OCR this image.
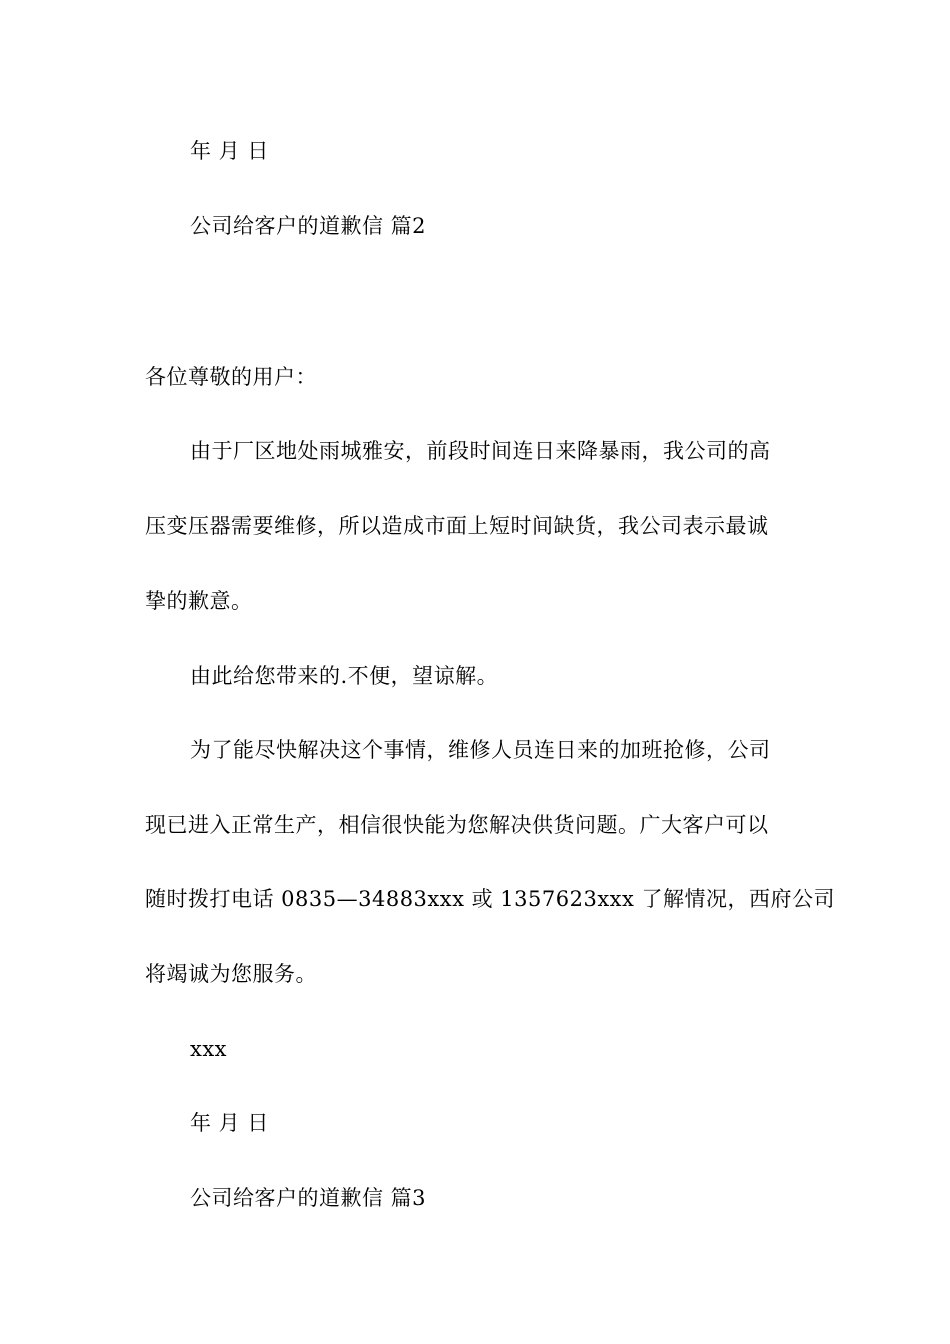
年 月 日
公司给客户的道歉信 篇2
各位尊敬的用户：
由于厂区地处雨城雅安，前段时间连日来降暴雨，我公司的高
压变压器需要维修，所以造成市面上短时间缺货，我公司表示最诚
挚的歉意。
由此给您带来的.不便，望谅解。
为了能尽快解决这个事情，维修人员连日来的加班抢修，公司
现已进入正常生产，相信很快能为您解决供货问题。广大客户可以
随时拨打电话 0835—34883xxx 或 1357623xxx 了解情况，西府公司
将竭诚为您服务。
xxx
年 月 日
公司给客户的道歉信 篇3
